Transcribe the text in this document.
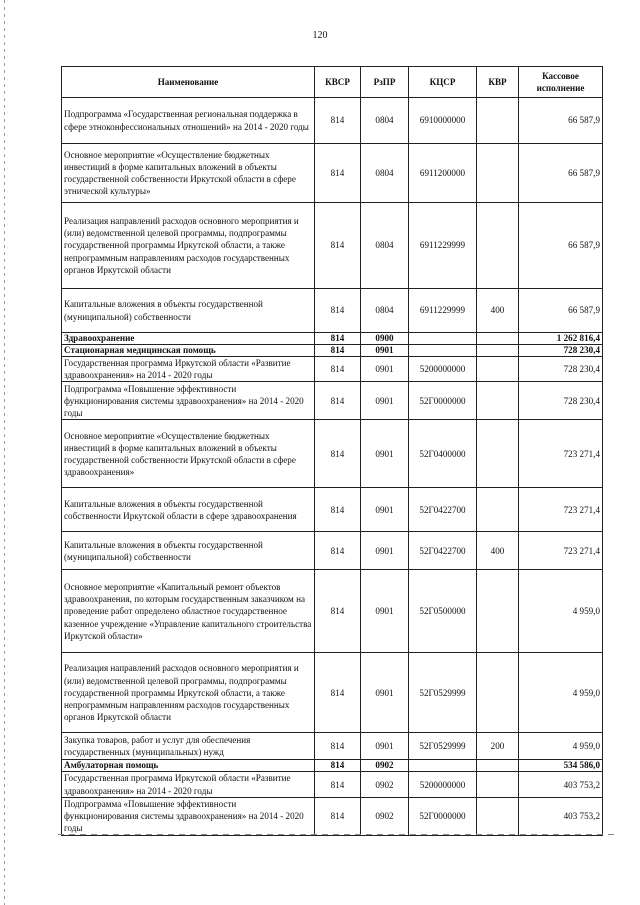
120
Наименование	КВСР	РзПР	КЦСР	КВР	Кассовое исполнение
Подпрограмма «Государственная региональная поддержка в сфере этноконфессиональных отношений» на 2014 - 2020 годы	814	0804	6910000000		66 587,9
Основное мероприятие «Осуществление бюджетных инвестиций в форме капитальных вложений в объекты государственной собственности Иркутской области в сфере этнической культуры»	814	0804	6911200000		66 587,9
Реализация направлений расходов основного мероприятия и (или) ведомственной целевой программы, подпрограммы государственной программы Иркутской области, а также непрограммным направлениям расходов государственных органов Иркутской области	814	0804	6911229999		66 587,9
Капитальные вложения в объекты государственной (муниципальной) собственности	814	0804	6911229999	400	66 587,9
Здравоохранение	814	0900			1 262 816,4
Стационарная медицинская помощь	814	0901			728 230,4
Государственная программа Иркутской области «Развитие здравоохранения» на 2014 - 2020 годы	814	0901	5200000000		728 230,4
Подпрограмма «Повышение эффективности функционирования системы здравоохранения» на 2014 - 2020 годы	814	0901	52Г0000000		728 230,4
Основное мероприятие «Осуществление бюджетных инвестиций в форме капитальных вложений в объекты государственной собственности Иркутской области в сфере здравоохранения»	814	0901	52Г0400000		723 271,4
Капитальные вложения в объекты государственной собственности Иркутской области в сфере здравоохранения	814	0901	52Г0422700		723 271,4
Капитальные вложения в объекты государственной (муниципальной) собственности	814	0901	52Г0422700	400	723 271,4
Основное мероприятие «Капитальный ремонт объектов здравоохранения, по которым государственным заказчиком на проведение работ определено областное государственное казенное учреждение «Управление капитального строительства Иркутской области»	814	0901	52Г0500000		4 959,0
Реализация направлений расходов основного мероприятия и (или) ведомственной целевой программы, подпрограммы государственной программы Иркутской области, а также непрограммным направлениям расходов государственных органов Иркутской области	814	0901	52Г0529999		4 959,0
Закупка товаров, работ и услуг для обеспечения государственных (муниципальных) нужд	814	0901	52Г0529999	200	4 959,0
Амбулаторная помощь	814	0902			534 586,0
Государственная программа Иркутской области «Развитие здравоохранения» на 2014 - 2020 годы	814	0902	5200000000		403 753,2
Подпрограмма «Повышение эффективности функционирования системы здравоохранения» на 2014 - 2020 годы	814	0902	52Г0000000		403 753,2
